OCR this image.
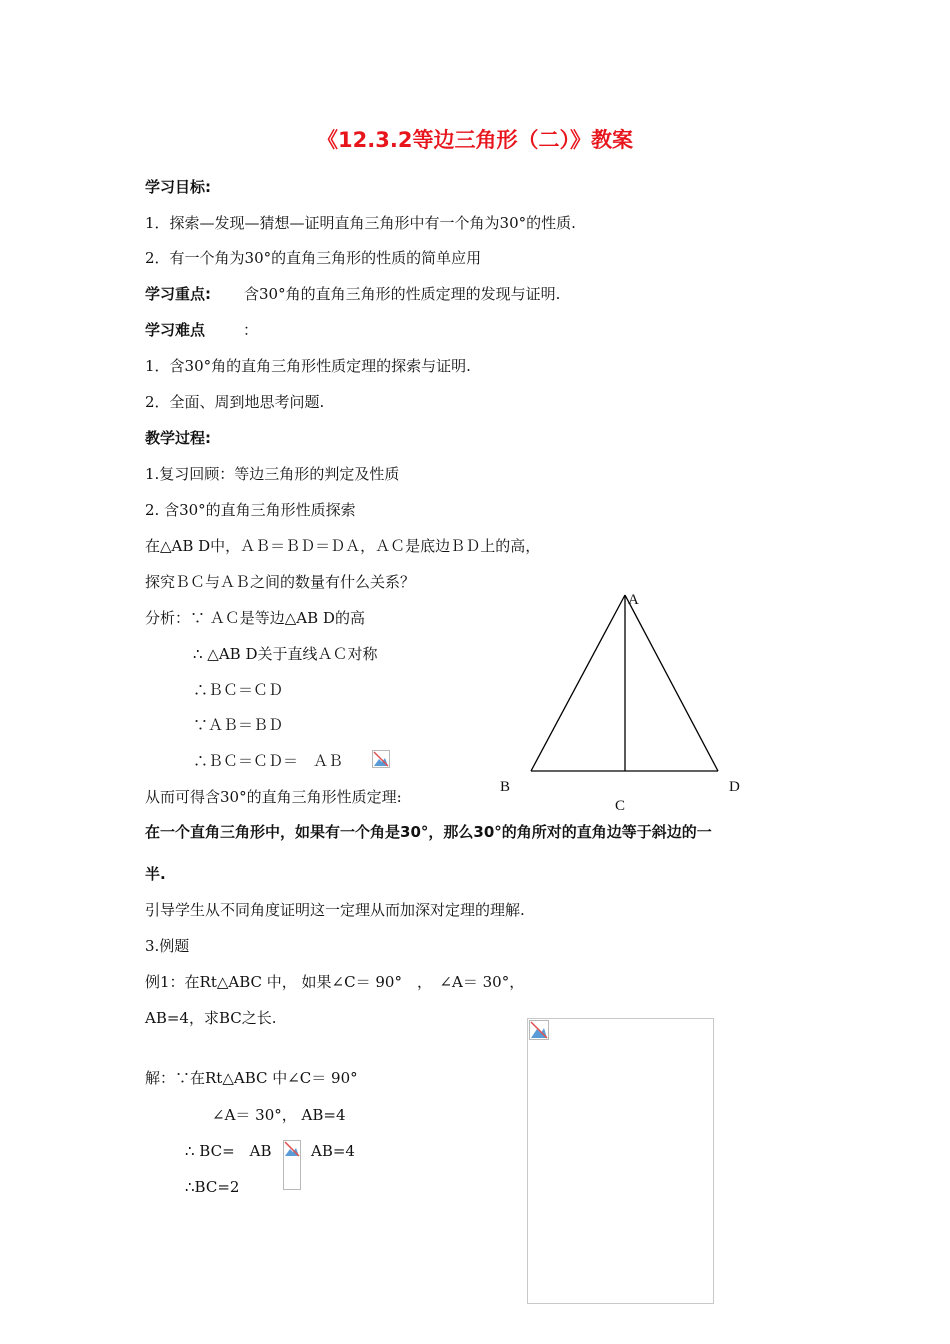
《12.3.2等边三角形（二）》教案
学习目标:
1．探索—发现—猜想—证明直角三角形中有一个角为30°的性质.
2．有一个角为30°的直角三角形的性质的简单应用
学习重点: 含30°角的直角三角形的性质定理的发现与证明.
学习难点	：
1．含30°角的直角三角形性质定理的探索与证明.
2．全面、周到地思考问题.
教学过程:
1.复习回顾：等边三角形的判定及性质
2. 含30°的直角三角形性质探索
在△AB D中，ＡＢ＝ＢＤ＝ＤＡ，ＡＣ是底边ＢＤ上的高，
探究ＢＣ与ＡＢ之间的数量有什么关系？
分析：∵ ＡＣ是等边△AB D的高
∴ △AB D关于直线ＡＣ对称
∴ＢＣ＝ＣＤ
∵ＡＢ＝ＢＤ
∴ＢＣ＝ＣＤ＝　ＡＢ
从而可得含30°的直角三角形性质定理:
在一个直角三角形中，如果有一个角是30°，那么30°的角所对的直角边等于斜边的一
半.
引导学生从不同角度证明这一定理从而加深对定理的理解.
3.例题
例1：在Rt△ABC 中， 如果∠C＝ 90°　，　∠A＝ 30°，
AB=4，求BC之长.
解：∵在Rt△ABC 中∠C＝ 90°
∠A＝ 30°， AB=4
∴ BC=　AB	AB=4
∴BC=2
A
B
C
D
